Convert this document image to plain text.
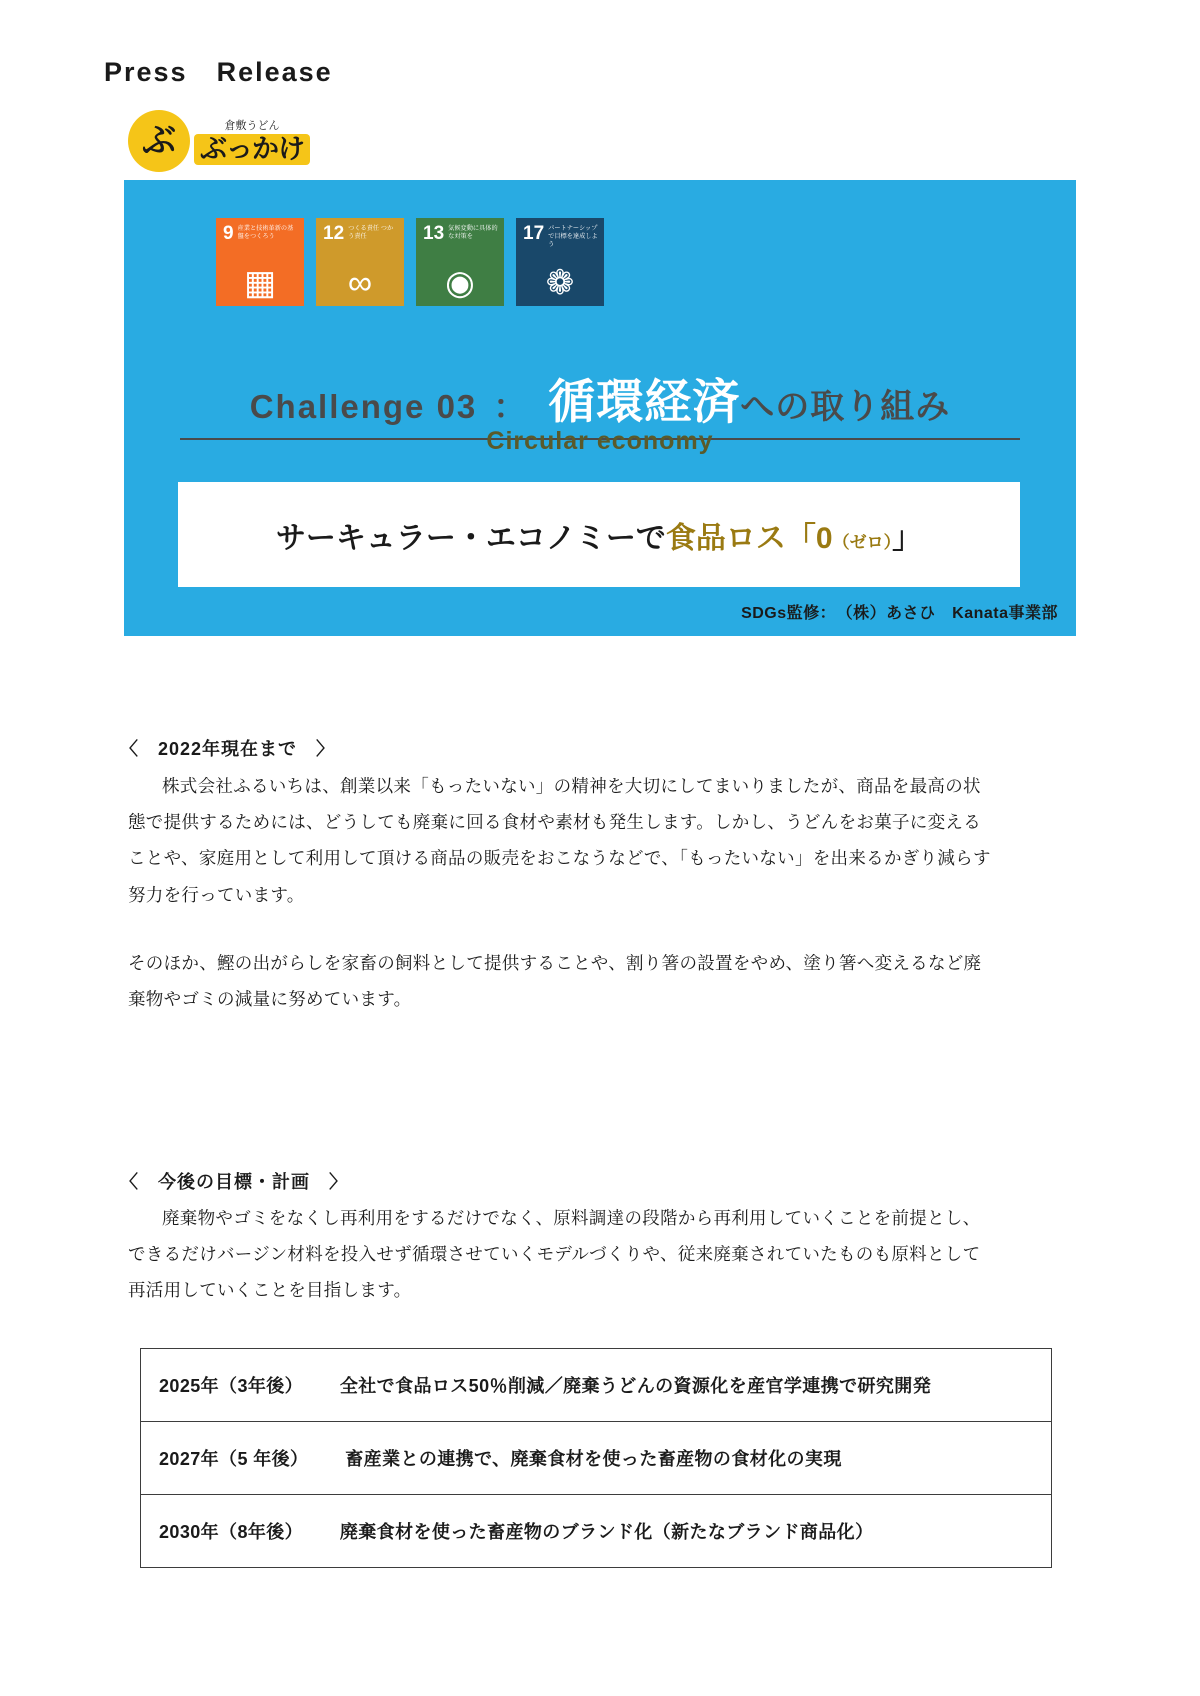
Press　Release
ぶ	倉敷うどん
ぶっかけ
9 産業と技術革新の基盤をつくろう
▦
12 つくる責任 つかう責任
∞
13 気候変動に具体的な対策を
◉
17 パートナーシップで目標を達成しよう
❁
Challenge 03 ： 循環経済 への取り組み
Circular economy
サーキュラー・エコノミーで食品ロス「0（ゼロ）」
SDGs監修：　（株）あさひ　Kanata事業部
〈　2022年現在まで　〉
株式会社ふるいちは、創業以来「もったいない」の精神を大切にしてまいりましたが、商品を最高の状態で提供するためには、どうしても廃棄に回る食材や素材も発生します。しかし、うどんをお菓子に変えることや、家庭用として利用して頂ける商品の販売をおこなうなどで、「もったいない」を出来るかぎり減らす努力を行っています。
そのほか、鰹の出がらしを家畜の飼料として提供することや、割り箸の設置をやめ、塗り箸へ変えるなど廃棄物やゴミの減量に努めています。
〈　今後の目標・計画　〉
廃棄物やゴミをなくし再利用をするだけでなく、原料調達の段階から再利用していくことを前提とし、できるだけバージン材料を投入せず循環させていくモデルづくりや、従来廃棄されていたものも原料として再活用していくことを目指します。
2025年（3年後） 全社で食品ロス50％削減／廃棄うどんの資源化を産官学連携で研究開発
2027年（5 年後） 畜産業との連携で、廃棄食材を使った畜産物の食材化の実現
2030年（8年後） 廃棄食材を使った畜産物のブランド化（新たなブランド商品化）
